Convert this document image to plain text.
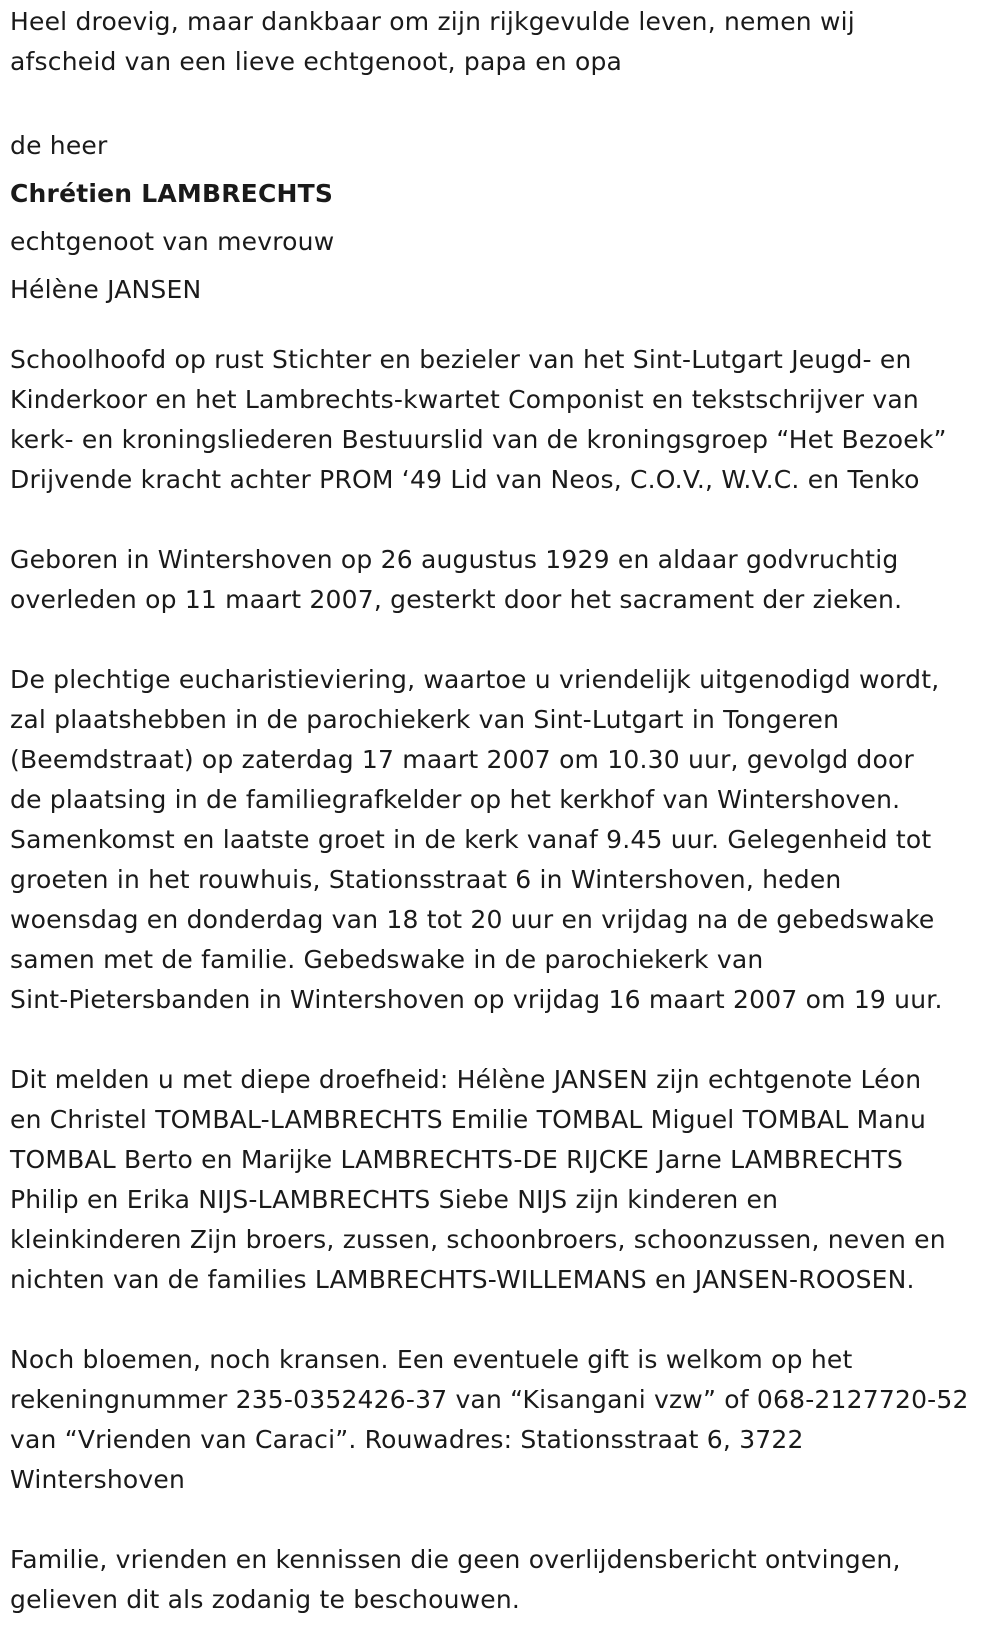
Heel droevig, maar dankbaar om zijn rijkgevulde leven, nemen wij

afscheid van een lieve echtgenoot, papa en opa

de heer

Chrétien LAMBRECHTS

echtgenoot van mevrouw

Hélène JANSEN

Schoolhoofd op rust Stichter en bezieler van het Sint-Lutgart Jeugd- en

Kinderkoor en het Lambrechts-kwartet Componist en tekstschrijver van

kerk- en kroningsliederen Bestuurslid van de kroningsgroep “Het Bezoek”

Drijvende kracht achter PROM ‘49 Lid van Neos, C.O.V., W.V.C. en Tenko

Geboren in Wintershoven op 26 augustus 1929 en aldaar godvruchtig

overleden op 11 maart 2007, gesterkt door het sacrament der zieken.

De plechtige eucharistieviering, waartoe u vriendelijk uitgenodigd wordt,

zal plaatshebben in de parochiekerk van Sint-Lutgart in Tongeren

(Beemdstraat) op zaterdag 17 maart 2007 om 10.30 uur, gevolgd door

de plaatsing in de familiegrafkelder op het kerkhof van Wintershoven.

Samenkomst en laatste groet in de kerk vanaf 9.45 uur. Gelegenheid tot

groeten in het rouwhuis, Stationsstraat 6 in Wintershoven, heden

woensdag en donderdag van 18 tot 20 uur en vrijdag na de gebedswake

samen met de familie. Gebedswake in de parochiekerk van

Sint-Pietersbanden in Wintershoven op vrijdag 16 maart 2007 om 19 uur.

Dit melden u met diepe droefheid: Hélène JANSEN zijn echtgenote Léon

en Christel TOMBAL-LAMBRECHTS Emilie TOMBAL Miguel TOMBAL Manu

TOMBAL Berto en Marijke LAMBRECHTS-DE RIJCKE Jarne LAMBRECHTS

Philip en Erika NIJS-LAMBRECHTS Siebe NIJS zijn kinderen en

kleinkinderen Zijn broers, zussen, schoonbroers, schoonzussen, neven en

nichten van de families LAMBRECHTS-WILLEMANS en JANSEN-ROOSEN.

Noch bloemen, noch kransen. Een eventuele gift is welkom op het

rekeningnummer 235-0352426-37 van “Kisangani vzw” of 068-2127720-52

van “Vrienden van Caraci”. Rouwadres: Stationsstraat 6, 3722

Wintershoven

Familie, vrienden en kennissen die geen overlijdensbericht ontvingen,

gelieven dit als zodanig te beschouwen.
